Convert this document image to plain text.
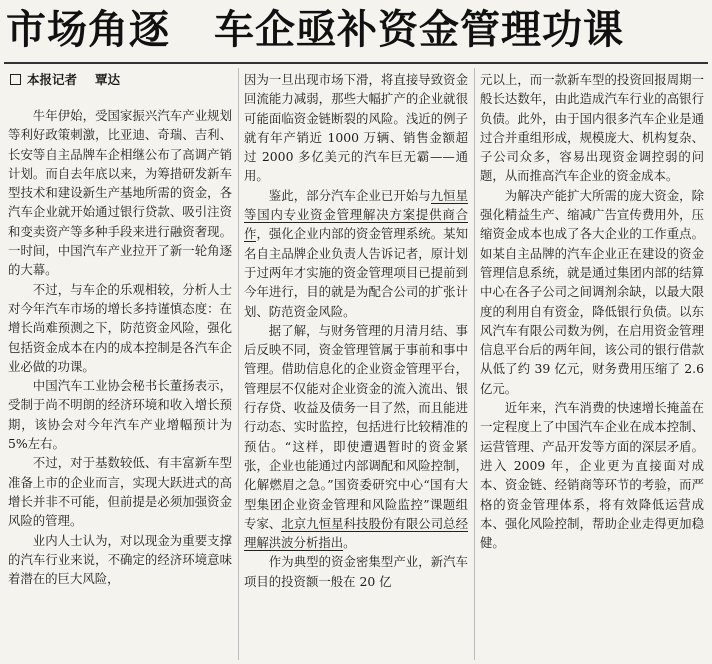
市场角逐 车企亟补资金管理功课
本报记者 覃达

牛年伊始，受国家振兴汽车产业规划等利好政策刺激，比亚迪、奇瑞、吉利、长安等自主品牌车企相继公布了高调产销计划。而自去年底以来，为筹措研发新车型技术和建设新生产基地所需的资金，各汽车企业就开始通过银行贷款、吸引注资和变卖资产等多种手段来进行融资奢现。一时间，中国汽车产业拉开了新一轮角逐的大幕。

不过，与车企的乐观相较，分析人士对今年汽车市场的增长多持谨慎态度：在增长尚难预测之下，防范资金风险，强化包括资金成本在内的成本控制是各汽车企业必做的功课。

中国汽车工业协会秘书长董扬表示，受制于尚不明朗的经济环境和收入增长预期，该协会对今年汽车产业增幅预计为5%左右。

不过，对于基数较低、有丰富新车型准备上市的企业而言，实现大跃进式的高增长并非不可能，但前提是必须加强资金风险的管理。

业内人士认为，对以现金为重要支撑的汽车行业来说，不确定的经济环境意味着潜在的巨大风险，

因为一旦出现市场下滑，将直接导致资金回流能力减弱，那些大幅扩产的企业就很可能面临资金链断裂的风险。浅近的例子就有年产销近 1000 万辆、销售金额超过 2000 多亿美元的汽车巨无霸——通用。

鉴此，部分汽车企业已开始与九恒星等国内专业资金管理解决方案提供商合作，强化企业内部的资金管理系统。某知名自主品牌企业负责人告诉记者，原计划于过两年才实施的资金管理项目已提前到今年进行，目的就是为配合公司的扩张计划、防范资金风险。

据了解，与财务管理的月清月结、事后反映不同，资金管理管属于事前和事中管理。借助信息化的企业资金管理平台，管理层不仅能对企业资金的流入流出、银行存贷、收益及债务一目了然，而且能进行动态、实时监控，包括进行比较精准的预估。“这样，即使遭遇暂时的资金紧张，企业也能通过内部调配和风险控制，化解燃眉之急。”国资委研究中心“国有大型集团企业资金管理和风险监控”课题组专家、北京九恒星科技股份有限公司总经理解洪波分析指出。

作为典型的资金密集型产业，新汽车项目的投资额一般在 20 亿

元以上，而一款新车型的投资回报周期一般长达数年，由此造成汽车行业的高银行负债。此外，由于国内很多汽车企业是通过合并重组形成，规模庞大、机构复杂、子公司众多，容易出现资金调控弱的问题，从而推高汽车企业的资金成本。

为解决产能扩大所需的庞大资金，除强化精益生产、缩减广告宣传费用外，压缩资金成本也成了各大企业的工作重点。如某自主品牌的汽车企业正在建设的资金管理信息系统，就是通过集团内部的结算中心在各子公司之间调剂余缺，以最大限度的利用自有资金，降低银行负债。以东风汽车有限公司数为例，在启用资金管理信息平台后的两年间，该公司的银行借款从低了约 39 亿元，财务费用压缩了 2.6 亿元。

近年来，汽车消费的快速增长掩盖在一定程度上了中国汽车企业在成本控制、运营管理、产品开发等方面的深层矛盾。进入 2009 年，企业更为直接面对成本、资金链、经销商等环节的考验，而严格的资金管理体系，将有效降低运营成本、强化风险控制，帮助企业走得更加稳健。
